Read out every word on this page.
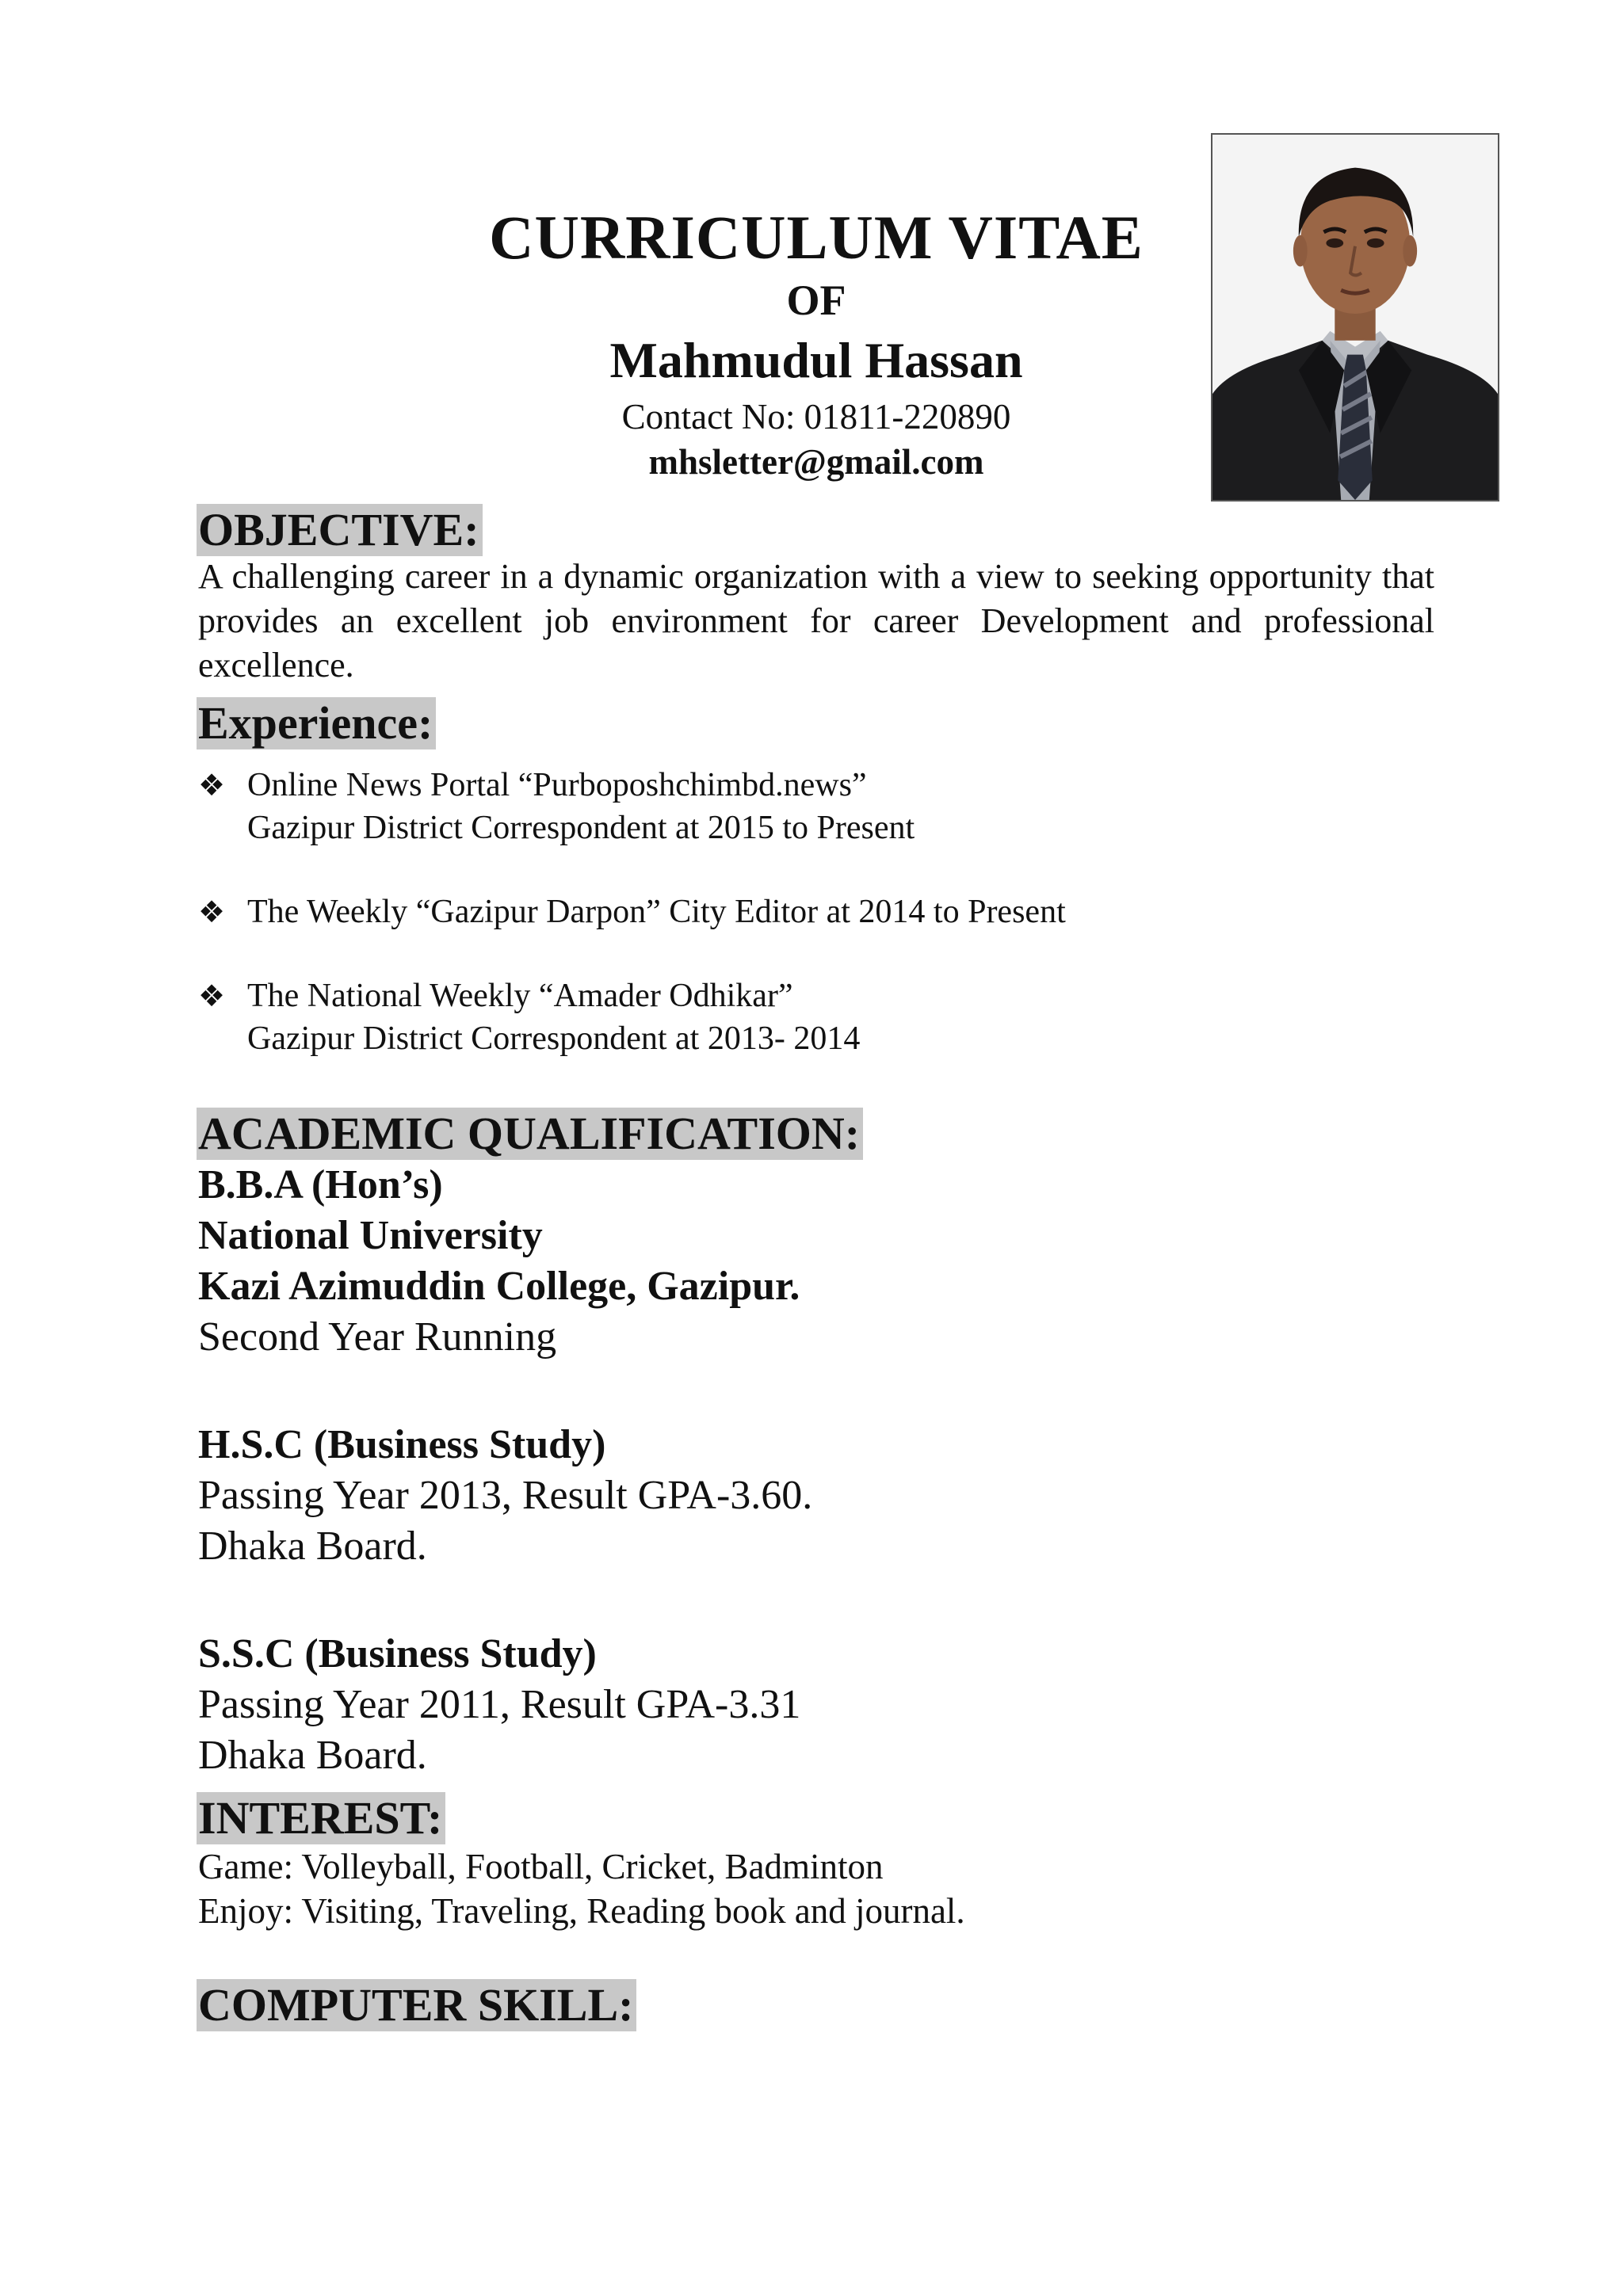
CURRICULUM VITAE
OF
Mahmudul Hassan
Contact No: 01811-220890
mhsletter@gmail.com
OBJECTIVE:
A challenging career in a dynamic organization with a view to seeking opportunity that provides an excellent job environment for career Development and professional excellence.
Experience:
❖ Online News Portal “Purboposhchimbd.news”
Gazipur District Correspondent at 2015 to Present
❖ The Weekly “Gazipur Darpon” City Editor at 2014 to Present
❖ The National Weekly “Amader Odhikar”
Gazipur District Correspondent at 2013- 2014
ACADEMIC QUALIFICATION:
B.B.A (Hon’s)
National University
Kazi Azimuddin College, Gazipur.
Second Year Running
H.S.C (Business Study)
Passing Year 2013, Result GPA-3.60.
Dhaka Board.
S.S.C (Business Study)
Passing Year 2011, Result GPA-3.31
Dhaka Board.
INTEREST:
Game: Volleyball, Football, Cricket, Badminton
Enjoy: Visiting, Traveling, Reading book and journal.
COMPUTER SKILL:
